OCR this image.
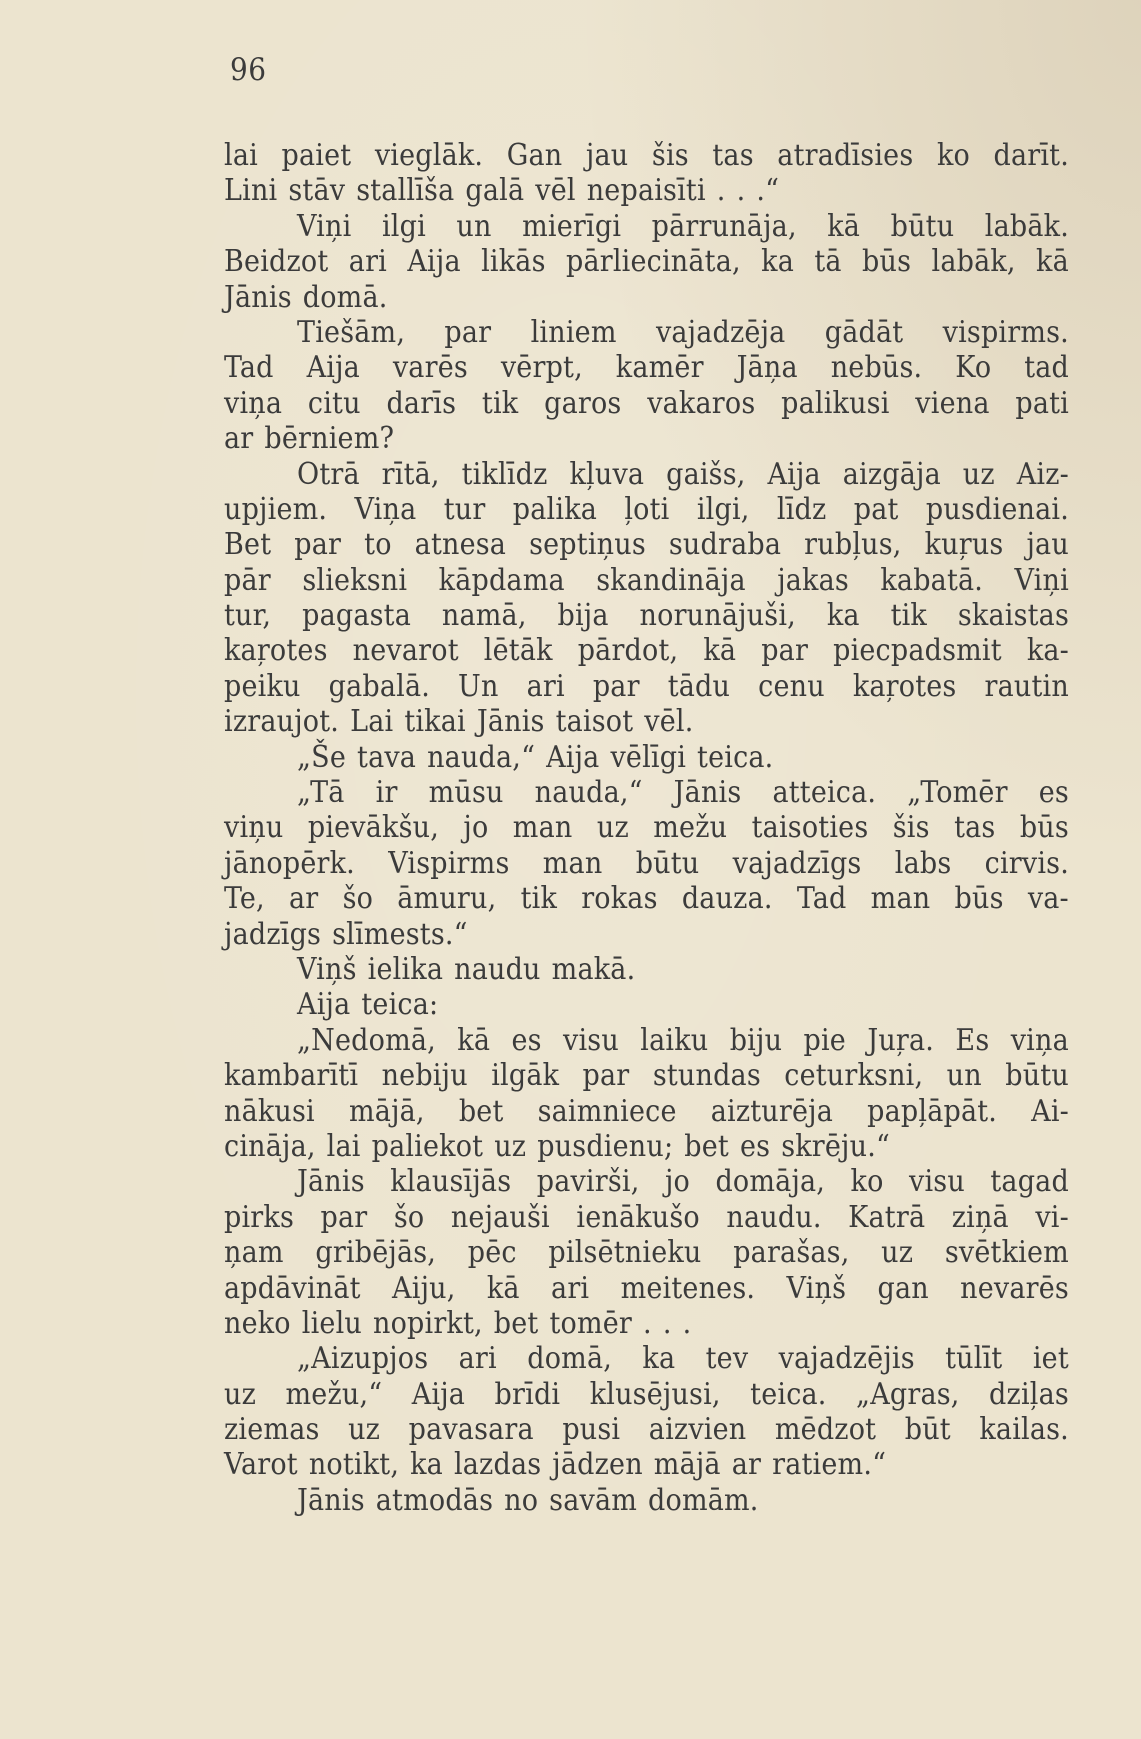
96
lai paiet vieglāk. Gan jau šis tas atradīsies ko darīt.
Lini stāv stallīša galā vēl nepaisīti . . .“
Viņi ilgi un mierīgi pārrunāja, kā būtu labāk.
Beidzot ari Aija likās pārliecināta, ka tā būs labāk, kā
Jānis domā.
Tiešām, par liniem vajadzēja gādāt vispirms.
Tad Aija varēs vērpt, kamēr Jāņa nebūs. Ko tad
viņa citu darīs tik garos vakaros palikusi viena pati
ar bērniem?
Otrā rītā, tiklīdz kļuva gaišs, Aija aizgāja uz Aiz-
upjiem. Viņa tur palika ļoti ilgi, līdz pat pusdienai.
Bet par to atnesa septiņus sudraba rubļus, kuŗus jau
pār slieksni kāpdama skandināja jakas kabatā. Viņi
tur, pagasta namā, bija norunājuši, ka tik skaistas
kaŗotes nevarot lētāk pārdot, kā par piecpadsmit ka-
peiku gabalā. Un ari par tādu cenu kaŗotes rautin
izraujot. Lai tikai Jānis taisot vēl.
„Še tava nauda,“ Aija vēlīgi teica.
„Tā ir mūsu nauda,“ Jānis atteica. „Tomēr es
viņu pievākšu, jo man uz mežu taisoties šis tas būs
jānopērk. Vispirms man būtu vajadzīgs labs cirvis.
Te, ar šo āmuru, tik rokas dauza. Tad man būs va-
jadzīgs slīmests.“
Viņš ielika naudu makā.
Aija teica:
„Nedomā, kā es visu laiku biju pie Juŗa. Es viņa
kambarītī nebiju ilgāk par stundas ceturksni, un būtu
nākusi mājā, bet saimniece aizturēja papļāpāt. Ai-
cināja, lai paliekot uz pusdienu; bet es skrēju.“
Jānis klausījās pavirši, jo domāja, ko visu tagad
pirks par šo nejauši ienākušo naudu. Katrā ziņā vi-
ņam gribējās, pēc pilsētnieku parašas, uz svētkiem
apdāvināt Aiju, kā ari meitenes. Viņš gan nevarēs
neko lielu nopirkt, bet tomēr . . .
„Aizupjos ari domā, ka tev vajadzējis tūlīt iet
uz mežu,“ Aija brīdi klusējusi, teica. „Agras, dziļas
ziemas uz pavasara pusi aizvien mēdzot būt kailas.
Varot notikt, ka lazdas jādzen mājā ar ratiem.“
Jānis atmodās no savām domām.
